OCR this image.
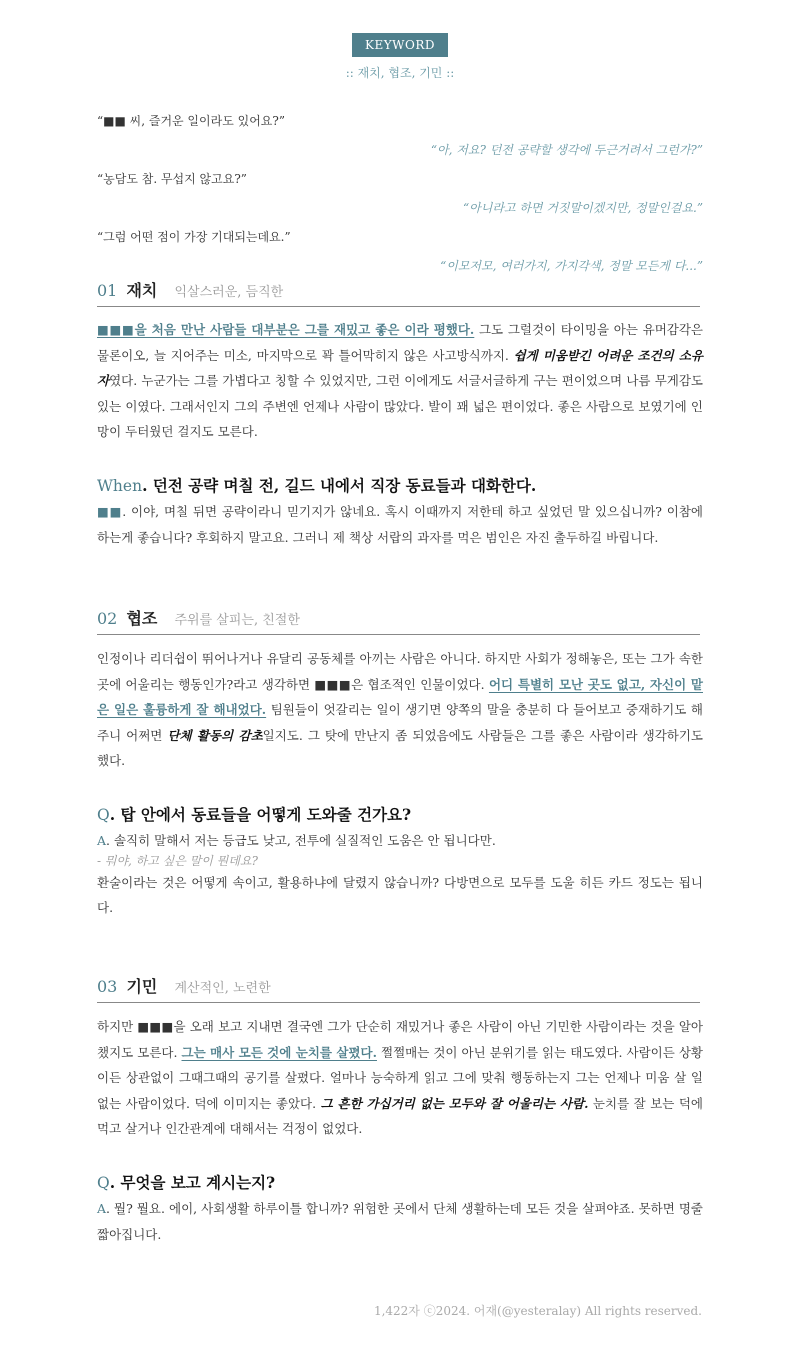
KEYWORD
:: 재치, 협조, 기민 ::
“■■ 씨, 즐거운 일이라도 있어요?”
“아, 저요? 던전 공략할 생각에 두근거려서 그런가?”
“농담도 참. 무섭지 않고요?”
“아니라고 하면 거짓말이겠지만, 정말인걸요.”
“그럼 어떤 점이 가장 기대되는데요.”
“이모저모, 여러가지, 가지각색, 정말 모든게 다...”
01 재치 익살스러운, 듬직한
■■■을 처음 만난 사람들 대부분은 그를 재밌고 좋은 이라 평했다. 그도 그럴것이 타이밍을 아는 유머감각은 물론이오, 늘 지어주는 미소, 마지막으로 꽉 틀어막히지 않은 사고방식까지. 쉽게 미움받긴 어려운 조건의 소유자였다. 누군가는 그를 가볍다고 칭할 수 있었지만, 그런 이에게도 서글서글하게 구는 편이었으며 나름 무게감도 있는 이였다. 그래서인지 그의 주변엔 언제나 사람이 많았다. 발이 꽤 넓은 편이었다. 좋은 사람으로 보였기에 인망이 두터웠던 걸지도 모른다.
When. 던전 공략 며칠 전, 길드 내에서 직장 동료들과 대화한다.
■■. 이야, 며칠 뒤면 공략이라니 믿기지가 않네요. 혹시 이때까지 저한테 하고 싶었던 말 있으십니까? 이참에 하는게 좋습니다? 후회하지 말고요. 그러니 제 책상 서랍의 과자를 먹은 범인은 자진 출두하길 바립니다.
02 협조 주위를 살피는, 친절한
인정이나 리더쉽이 뛰어나거나 유달리 공동체를 아끼는 사람은 아니다. 하지만 사회가 정해놓은, 또는 그가 속한 곳에 어울리는 행동인가?라고 생각하면 ■■■은 협조적인 인물이었다. 어디 특별히 모난 곳도 없고, 자신이 맡은 일은 훌륭하게 잘 해내었다. 팀원들이 엇갈리는 일이 생기면 양쪽의 말을 충분히 다 들어보고 중재하기도 해주니 어쩌면 단체 활동의 감초일지도. 그 탓에 만난지 좀 되었음에도 사람들은 그를 좋은 사람이라 생각하기도 했다.
Q. 탑 안에서 동료들을 어떻게 도와줄 건가요?
A. 솔직히 말해서 저는 등급도 낮고, 전투에 실질적인 도움은 안 됩니다만.
- 뭐야, 하고 싶은 말이 뭔데요?
환술이라는 것은 어떻게 속이고, 활용하냐에 달렸지 않습니까? 다방면으로 모두를 도울 히든 카드 정도는 됩니다.
03 기민 계산적인, 노련한
하지만 ■■■을 오래 보고 지내면 결국엔 그가 단순히 재밌거나 좋은 사람이 아닌 기민한 사람이라는 것을 알아챘지도 모른다. 그는 매사 모든 것에 눈치를 살폈다. 쩔쩔매는 것이 아닌 분위기를 읽는 태도였다. 사람이든 상황이든 상관없이 그때그때의 공기를 살폈다. 얼마나 능숙하게 읽고 그에 맞춰 행동하는지 그는 언제나 미움 살 일 없는 사람이었다. 덕에 이미지는 좋았다. 그 흔한 가십거리 없는 모두와 잘 어울리는 사람. 눈치를 잘 보는 덕에 먹고 살거나 인간관계에 대해서는 걱정이 없었다.
Q. 무엇을 보고 계시는지?
A. 뭘? 뭘요. 에이, 사회생활 하루이틀 합니까? 위험한 곳에서 단체 생활하는데 모든 것을 살펴야죠. 못하면 명줄 짧아집니다.
1,422자 ⓒ2024. 어재(@yesteralay) All rights reserved.
